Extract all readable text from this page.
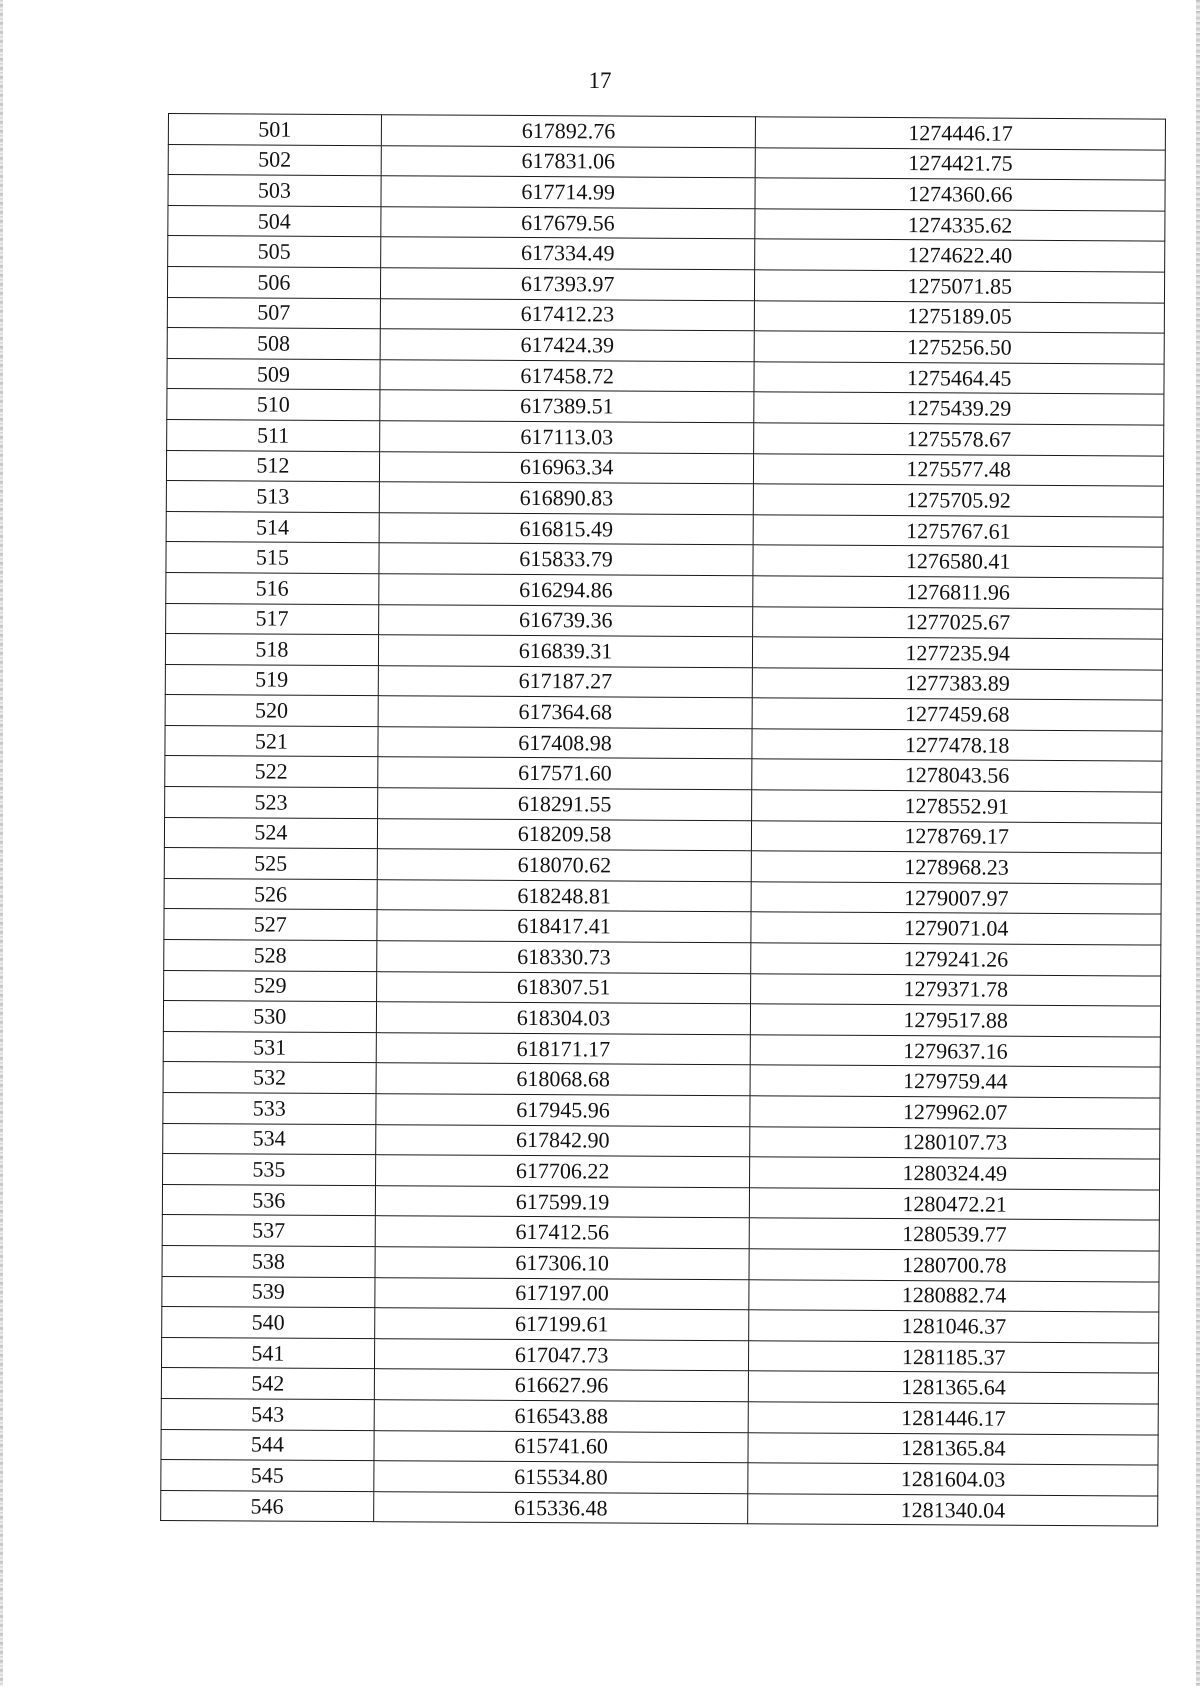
17
501	617892.76	1274446.17
502	617831.06	1274421.75
503	617714.99	1274360.66
504	617679.56	1274335.62
505	617334.49	1274622.40
506	617393.97	1275071.85
507	617412.23	1275189.05
508	617424.39	1275256.50
509	617458.72	1275464.45
510	617389.51	1275439.29
511	617113.03	1275578.67
512	616963.34	1275577.48
513	616890.83	1275705.92
514	616815.49	1275767.61
515	615833.79	1276580.41
516	616294.86	1276811.96
517	616739.36	1277025.67
518	616839.31	1277235.94
519	617187.27	1277383.89
520	617364.68	1277459.68
521	617408.98	1277478.18
522	617571.60	1278043.56
523	618291.55	1278552.91
524	618209.58	1278769.17
525	618070.62	1278968.23
526	618248.81	1279007.97
527	618417.41	1279071.04
528	618330.73	1279241.26
529	618307.51	1279371.78
530	618304.03	1279517.88
531	618171.17	1279637.16
532	618068.68	1279759.44
533	617945.96	1279962.07
534	617842.90	1280107.73
535	617706.22	1280324.49
536	617599.19	1280472.21
537	617412.56	1280539.77
538	617306.10	1280700.78
539	617197.00	1280882.74
540	617199.61	1281046.37
541	617047.73	1281185.37
542	616627.96	1281365.64
543	616543.88	1281446.17
544	615741.60	1281365.84
545	615534.80	1281604.03
546	615336.48	1281340.04
